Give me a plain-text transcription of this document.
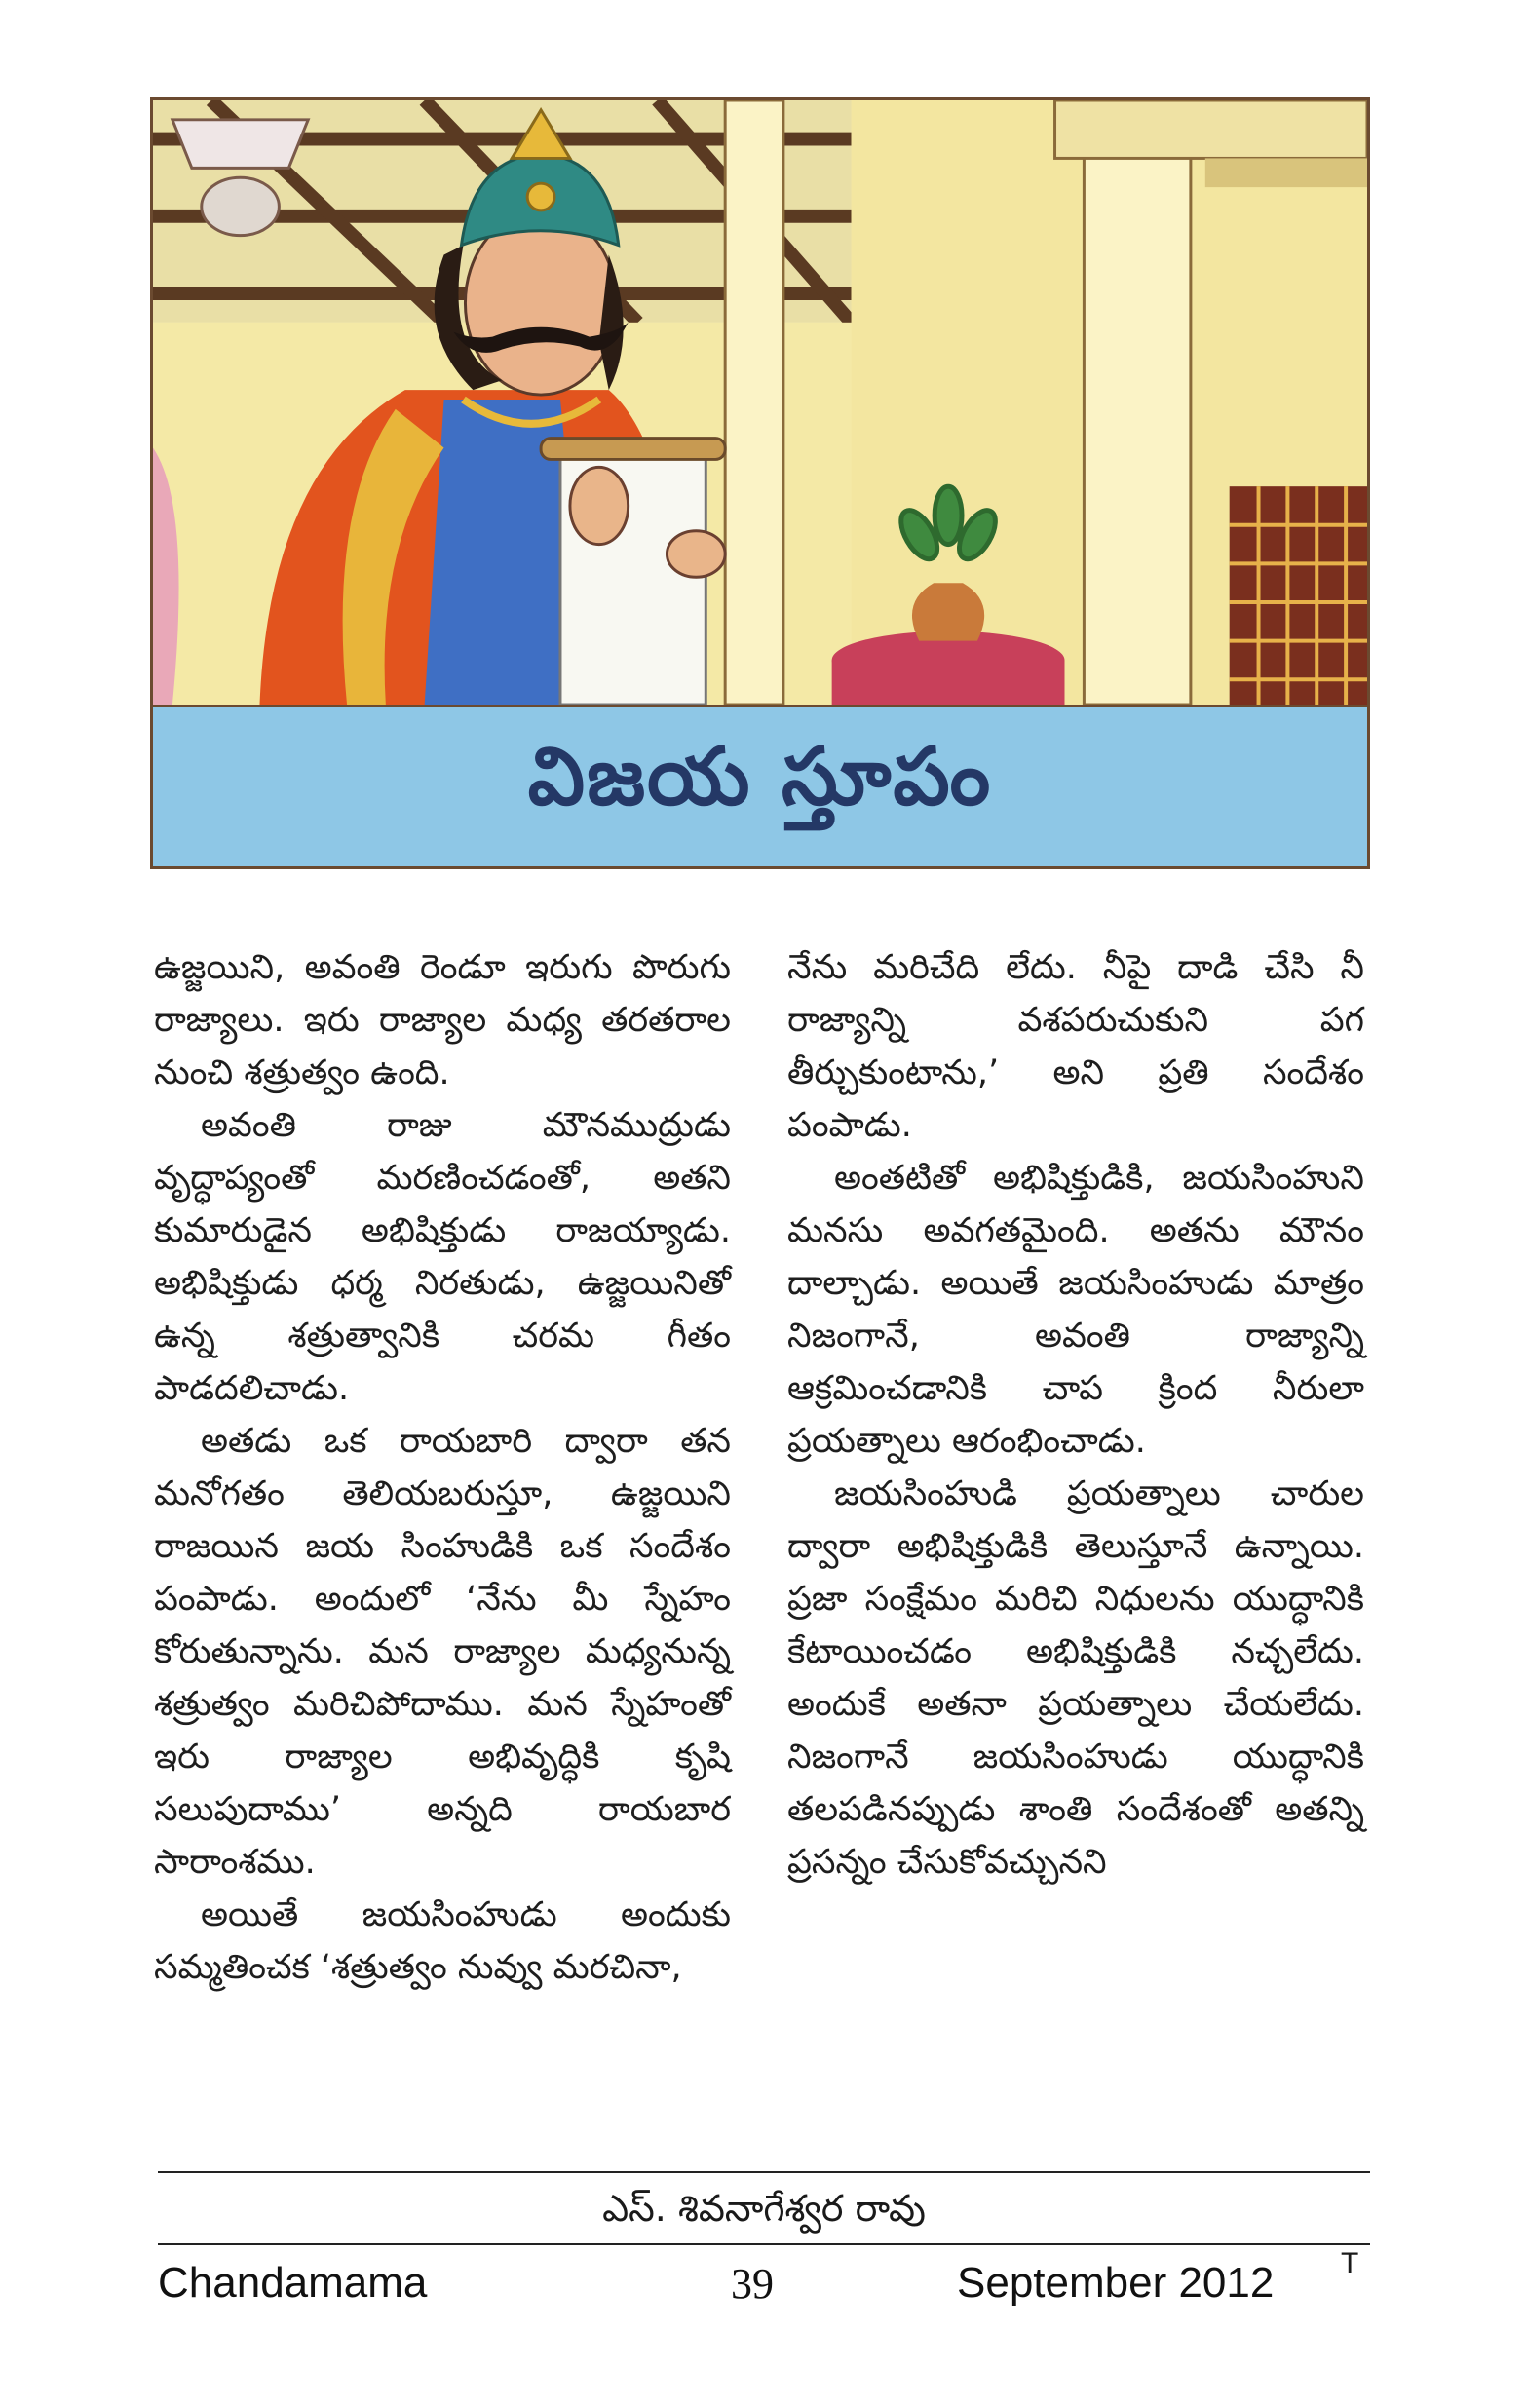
విజయ స్తూపం

ఉజ్జయిని, అవంతి రెండూ ఇరుగు పొరుగు రాజ్యాలు. ఇరు రాజ్యాల మధ్య తరతరాల నుంచి శత్రుత్వం ఉంది.

అవంతి రాజు మౌనముద్రుడు వృద్ధాప్యంతో మరణించడంతో, అతని కుమారుడైన అభిషిక్తుడు రాజయ్యాడు. అభిషిక్తుడు ధర్మ నిరతుడు, ఉజ్జయినితో ఉన్న శత్రుత్వానికి చరమ గీతం పాడదలిచాడు.

అతడు ఒక రాయబారి ద్వారా తన మనోగతం తెలియబరుస్తూ, ఉజ్జయిని రాజయిన జయ సింహుడికి ఒక సందేశం పంపాడు. అందులో ‘నేను మీ స్నేహం కోరుతున్నాను. మన రాజ్యాల మధ్యనున్న శత్రుత్వం మరిచిపోదాము. మన స్నేహంతో ఇరు రాజ్యాల అభివృద్ధికి కృషి సలుపుదాము’ అన్నది రాయబార సారాంశము.

అయితే జయసింహుడు అందుకు సమ్మతించక ‘శత్రుత్వం నువ్వు మరచినా,

నేను మరిచేది లేదు. నీపై దాడి చేసి నీ రాజ్యాన్ని వశపరుచుకుని పగ తీర్చుకుంటాను,’ అని ప్రతి సందేశం పంపాడు.

అంతటితో అభిషిక్తుడికి, జయసింహుని మనసు అవగతమైంది. అతను మౌనం దాల్చాడు. అయితే జయసింహుడు మాత్రం నిజంగానే, అవంతి రాజ్యాన్ని ఆక్రమించడానికి చాప క్రింద నీరులా ప్రయత్నాలు ఆరంభించాడు.

జయసింహుడి ప్రయత్నాలు చారుల ద్వారా అభిషిక్తుడికి తెలుస్తూనే ఉన్నాయి. ప్రజా సంక్షేమం మరిచి నిధులను యుద్ధానికి కేటాయించడం అభిషిక్తుడికి నచ్చలేదు. అందుకే అతనా ప్రయత్నాలు చేయలేదు. నిజంగానే జయసింహుడు యుద్ధానికి తలపడినప్పుడు శాంతి సందేశంతో అతన్ని ప్రసన్నం చేసుకోవచ్చునని

ఎస్. శివనాగేశ్వర రావు
Chandamama	39	September 2012 T
